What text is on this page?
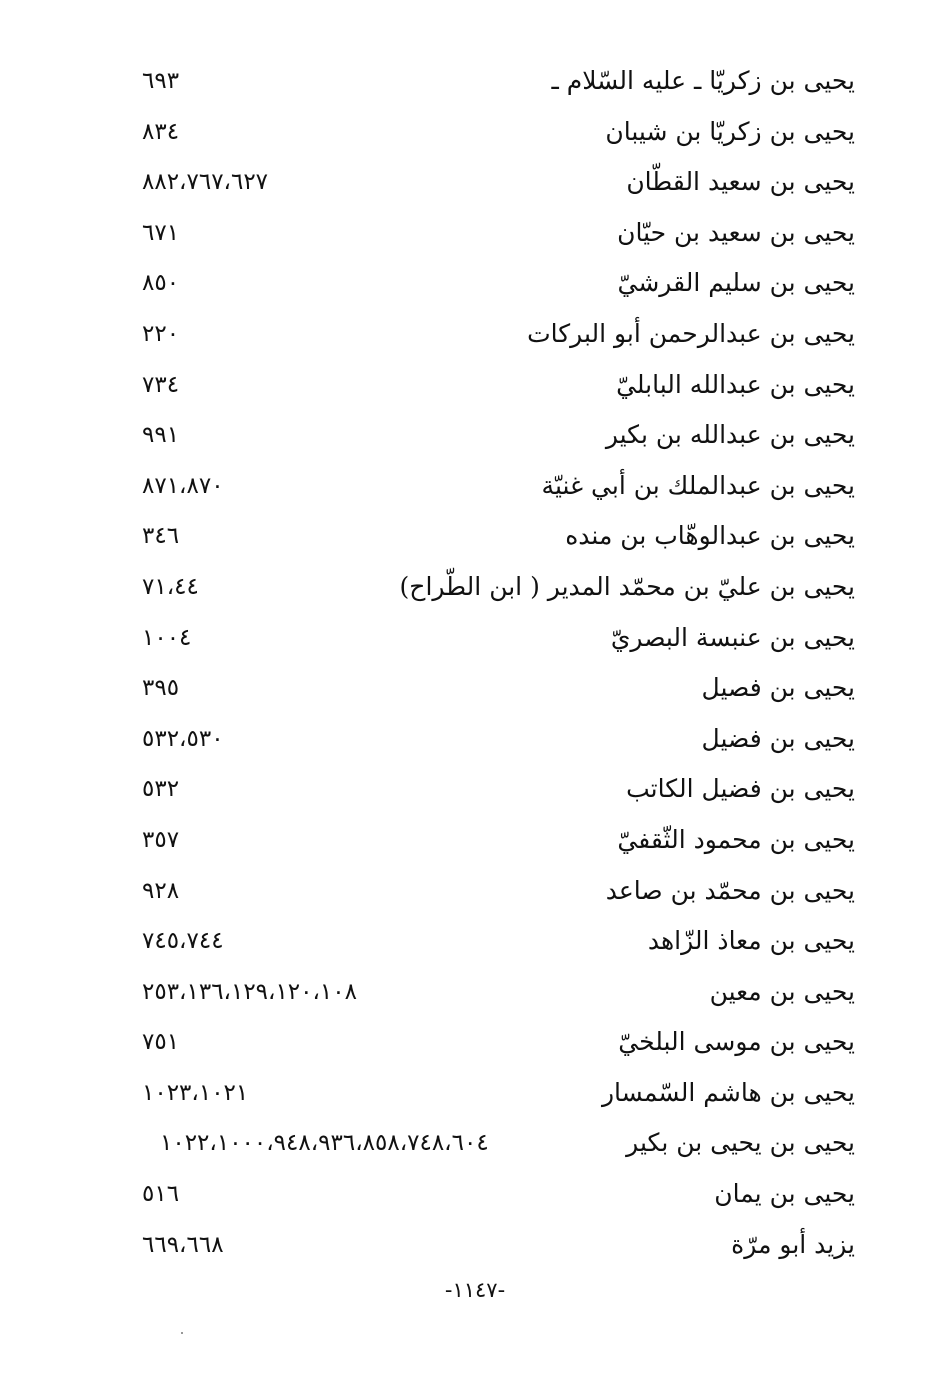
يحيى بن زكريّا ـ عليه السّلام ـ
٦٩٣
يحيى بن زكريّا بن شيبان
٨٣٤
يحيى بن سعيد القطّان
٨٨٢،٧٦٧،٦٢٧
يحيى بن سعيد بن حيّان
٦٧١
يحيى بن سليم القرشيّ
٨٥٠
يحيى بن عبدالرحمن أبو البركات
٢٢٠
يحيى بن عبدالله البابليّ
٧٣٤
يحيى بن عبدالله بن بكير
٩٩١
يحيى بن عبدالملك بن أبي غنيّة
٨٧١،٨٧٠
يحيى بن عبدالوهّاب بن منده
٣٤٦
يحيى بن عليّ بن محمّد المدير ( ابن الطّراح)
٧١،٤٤
يحيى بن عنبسة البصريّ
١٠٠٤
يحيى بن فصيل
٣٩٥
يحيى بن فضيل
٥٣٢،٥٣٠
يحيى بن فضيل الكاتب
٥٣٢
يحيى بن محمود الثّقفيّ
٣٥٧
يحيى بن محمّد بن صاعد
٩٢٨
يحيى بن معاذ الزّاهد
٧٤٥،٧٤٤
يحيى بن معين
٢٥٣،١٣٦،١٢٩،١٢٠،١٠٨
يحيى بن موسى البلخيّ
٧٥١
يحيى بن هاشم السّمسار
١٠٢٣،١٠٢١
يحيى بن يحيى بن بكير
١٠٢٢،١٠٠٠،٩٤٨،٩٣٦،٨٥٨،٧٤٨،٦٠٤
يحيى بن يمان
٥١٦
يزيد أبو مرّة
٦٦٩،٦٦٨
-١١٤٧-
